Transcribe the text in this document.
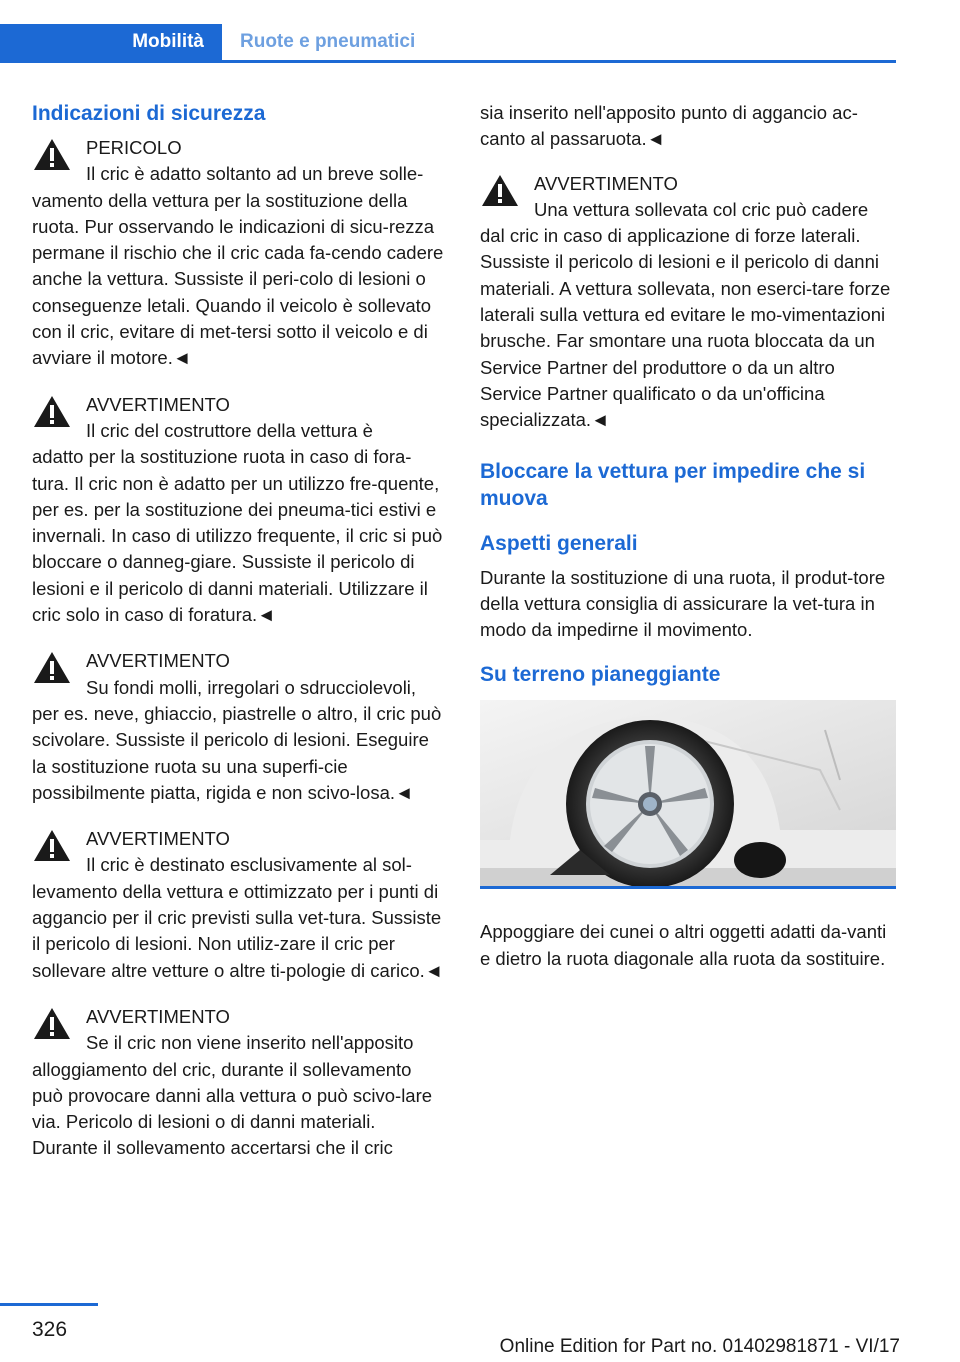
Mobilità Ruote e pneumatici
Indicazioni di sicurezza
PERICOLO
Il cric è adatto soltanto ad un breve solle-
vamento della vettura per la sostituzione della ruota. Pur osservando le indicazioni di sicu-rezza permane il rischio che il cric cada fa-cendo cadere anche la vettura. Sussiste il peri-colo di lesioni o conseguenze letali. Quando il veicolo è sollevato con il cric, evitare di met-tersi sotto il veicolo e di avviare il motore.◄
AVVERTIMENTO
Il cric del costruttore della vettura è
adatto per la sostituzione ruota in caso di fora-tura. Il cric non è adatto per un utilizzo fre-quente, per es. per la sostituzione dei pneuma-tici estivi e invernali. In caso di utilizzo frequente, il cric si può bloccare o danneg-giare. Sussiste il pericolo di lesioni e il pericolo di danni materiali. Utilizzare il cric solo in caso di foratura.◄
AVVERTIMENTO
Su fondi molli, irregolari o sdrucciolevoli,
per es. neve, ghiaccio, piastrelle o altro, il cric può scivolare. Sussiste il pericolo di lesioni. Eseguire la sostituzione ruota su una superfi-cie possibilmente piatta, rigida e non scivo-losa.◄
AVVERTIMENTO
Il cric è destinato esclusivamente al sol-
levamento della vettura e ottimizzato per i punti di aggancio per il cric previsti sulla vet-tura. Sussiste il pericolo di lesioni. Non utiliz-zare il cric per sollevare altre vetture o altre ti-pologie di carico.◄
AVVERTIMENTO
Se il cric non viene inserito nell'apposito
alloggiamento del cric, durante il sollevamento può provocare danni alla vettura o può scivo-lare via. Pericolo di lesioni o di danni materiali. Durante il sollevamento accertarsi che il cric

sia inserito nell'apposito punto di aggancio ac-canto al passaruota.◄

AVVERTIMENTO
Una vettura sollevata col cric può cadere
dal cric in caso di applicazione di forze laterali. Sussiste il pericolo di lesioni e il pericolo di danni materiali. A vettura sollevata, non eserci-tare forze laterali sulla vettura ed evitare le mo-vimentazioni brusche. Far smontare una ruota bloccata da un Service Partner del produttore o da un altro Service Partner qualificato o da un'officina specializzata.◄
Bloccare la vettura per impedire che si muova
Aspetti generali

Durante la sostituzione di una ruota, il produt-tore della vettura consiglia di assicurare la vet-tura in modo da impedirne il movimento.

Su terreno pianeggiante

Appoggiare dei cunei o altri oggetti adatti da-vanti e dietro la ruota diagonale alla ruota da sostituire.

326
Online Edition for Part no. 01402981871 - VI/17
